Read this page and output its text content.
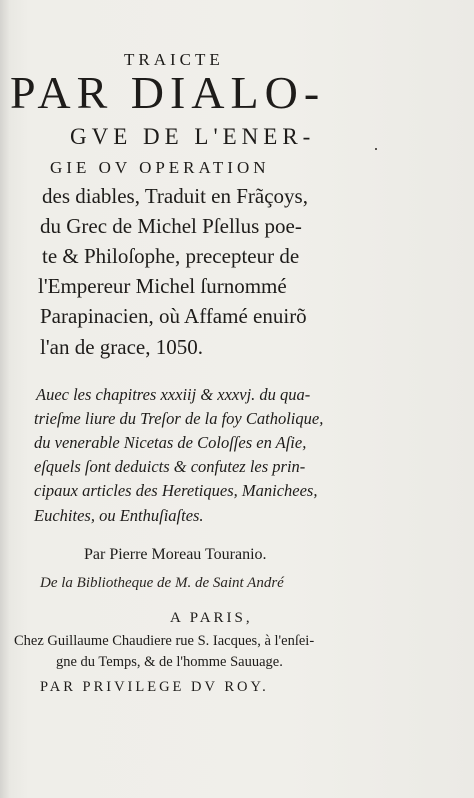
TRAICTE
PAR DIALO-
GVE DE L'ENER-
GIE OV OPERATION
des diables, Traduit en Frãçoys,
du Grec de Michel Pſellus poe-
te & Philoſophe, precepteur de
l'Empereur Michel ſurnommé
Parapinacien, où Affamé enuirõ
l'an de grace, 1050.
Auec les chapitres xxxiij & xxxvj. du qua-
trieſme liure du Treſor de la foy Catholique,
du venerable Nicetas de Coloſſes en Aſie,
eſquels ſont deduicts & confutez les prin-
cipaux articles des Heretiques, Manichees,
Euchites, ou Enthuſiaſtes.
Par Pierre Moreau Touranio.
De la Bibliotheque de M. de Saint André
A PARIS,
Chez Guillaume Chaudiere rue S. Iacques, à l'enſei-
gne du Temps, & de l'homme Sauuage.
PAR PRIVILEGE DV ROY.
